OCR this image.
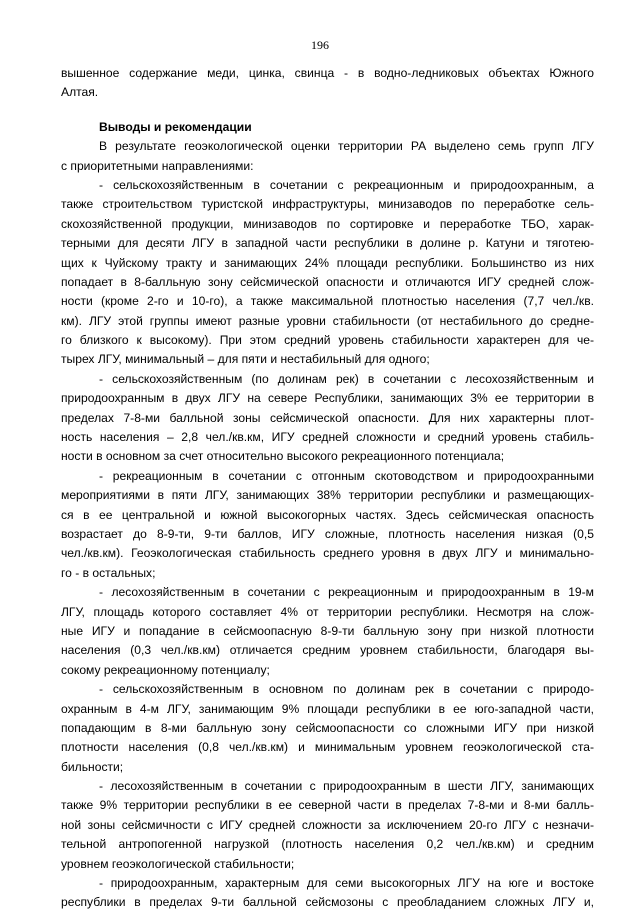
196
вышенное содержание меди, цинка, свинца - в водно-ледниковых объектах Южного
Алтая.
Выводы и рекомендации
В результате геоэкологической оценки территории РА выделено семь групп ЛГУ
с приоритетными направлениями:
- сельскохозяйственным в сочетании с рекреационным и природоохранным, а
также строительством туристской инфраструктуры, минизаводов по переработке сель-
скохозяйственной продукции, минизаводов по сортировке и переработке ТБО, харак-
терными для десяти ЛГУ в западной части республики в долине р. Катуни и тяготею-
щих к Чуйскому тракту и занимающих 24% площади республики. Большинство из них
попадает в 8-балльную зону сейсмической опасности и отличаются ИГУ средней слож-
ности (кроме 2-го и 10-го), а также максимальной плотностью населения (7,7 чел./кв.
км). ЛГУ этой группы имеют разные уровни стабильности (от нестабильного до средне-
го близкого к высокому). При этом средний уровень стабильности характерен для че-
тырех ЛГУ, минимальный – для пяти и нестабильный для одного;
- сельскохозяйственным (по долинам рек) в сочетании с лесохозяйственным и
природоохранным в двух ЛГУ на севере Республики, занимающих 3% ее территории в
пределах 7-8-ми балльной зоны сейсмической опасности. Для них характерны плот-
ность населения – 2,8 чел./кв.км, ИГУ средней сложности и средний уровень стабиль-
ности в основном за счет относительно высокого рекреационного потенциала;
- рекреационным в сочетании с отгонным скотоводством и природоохранными
мероприятиями в пяти ЛГУ, занимающих 38% территории республики и размещающих-
ся в ее центральной и южной высокогорных частях. Здесь сейсмическая опасность
возрастает до 8-9-ти, 9-ти баллов, ИГУ сложные, плотность населения низкая (0,5
чел./кв.км). Геоэкологическая стабильность среднего уровня в двух ЛГУ и минимально-
го - в остальных;
- лесохозяйственным в сочетании с рекреационным и природоохранным в 19-м
ЛГУ, площадь которого составляет 4% от территории республики. Несмотря на слож-
ные ИГУ и попадание в сейсмоопасную 8-9-ти балльную зону при низкой плотности
населения (0,3 чел./кв.км) отличается средним уровнем стабильности, благодаря вы-
сокому рекреационному потенциалу;
- сельскохозяйственным в основном по долинам рек в сочетании с природо-
охранным в 4-м ЛГУ, занимающим 9% площади республики в ее юго-западной части,
попадающим в 8-ми балльную зону сейсмоопасности со сложными ИГУ при низкой
плотности населения (0,8 чел./кв.км) и минимальным уровнем геоэкологической ста-
бильности;
- лесохозяйственным в сочетании с природоохранным в шести ЛГУ, занимающих
также 9% территории республики в ее северной части в пределах 7-8-ми и 8-ми балль-
ной зоны сейсмичности с ИГУ средней сложности за исключением 20-го ЛГУ с незначи-
тельной антропогенной нагрузкой (плотность населения 0,2 чел./кв.км) и средним
уровнем геоэкологической стабильности;
- природоохранным, характерным для семи высокогорных ЛГУ на юге и востоке
республики в пределах 9-ти балльной сейсмозоны с преобладанием сложных ЛГУ и,
